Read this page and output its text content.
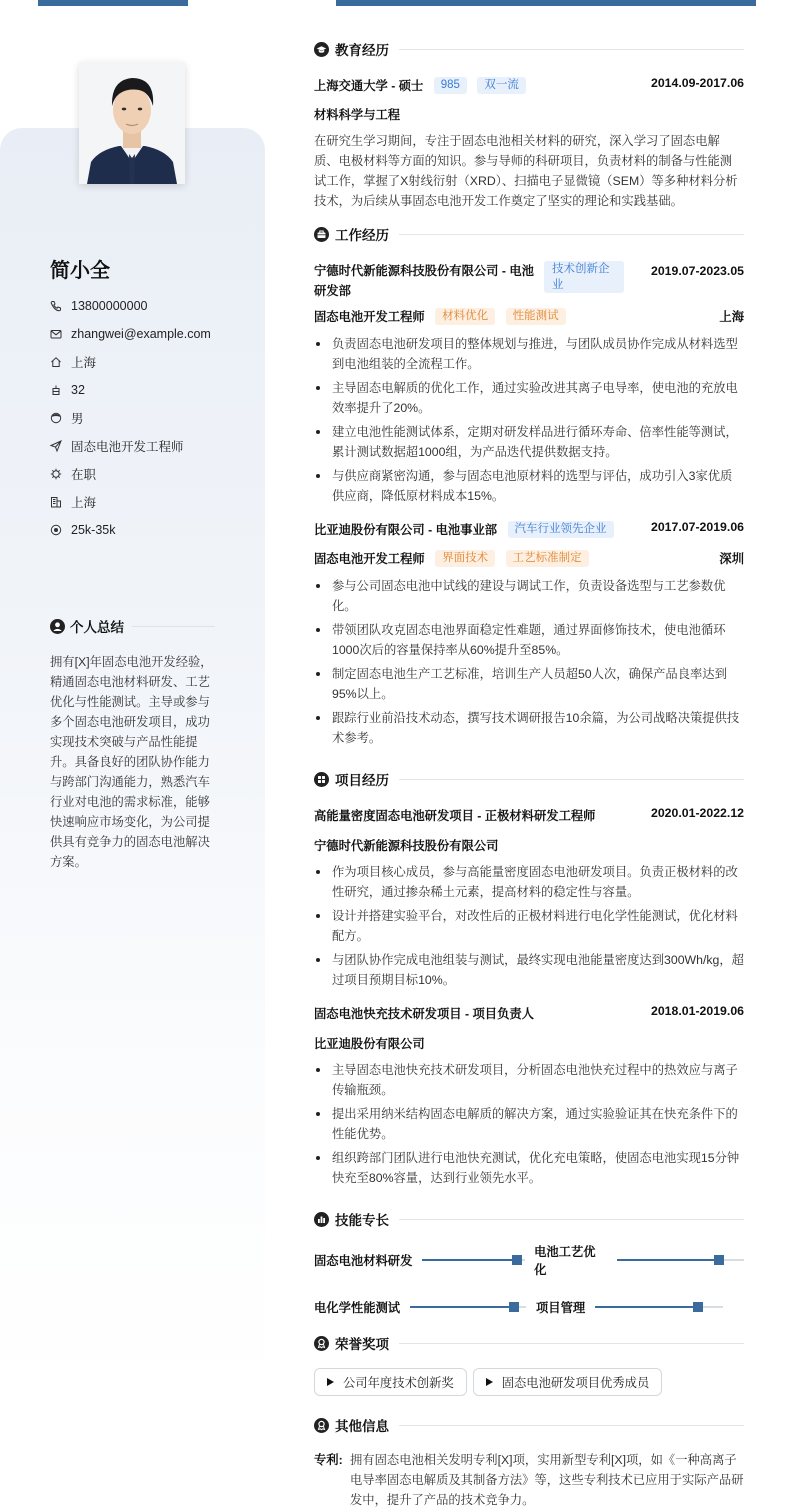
简小全
13800000000
zhangwei@example.com
上海
32
男
固态电池开发工程师
在职
上海
25k-35k
个人总结
拥有[X]年固态电池开发经验，精通固态电池材料研发、工艺优化与性能测试。主导或参与多个固态电池研发项目，成功实现技术突破与产品性能提升。具备良好的团队协作能力与跨部门沟通能力，熟悉汽车行业对电池的需求标准，能够快速响应市场变化，为公司提供具有竞争力的固态电池解决方案。
教育经历
上海交通大学 - 硕士 985 双一流	2014.09-2017.06
材料科学与工程
在研究生学习期间，专注于固态电池相关材料的研究，深入学习了固态电解质、电极材料等方面的知识。参与导师的科研项目，负责材料的制备与性能测试工作，掌握了X射线衍射（XRD）、扫描电子显微镜（SEM）等多种材料分析技术，为后续从事固态电池开发工作奠定了坚实的理论和实践基础。
工作经历
宁德时代新能源科技股份有限公司 - 电池研发部
技术创新企业
2019.07-2023.05
固态电池开发工程师 材料优化 性能测试	上海
负责固态电池研发项目的整体规划与推进，与团队成员协作完成从材料选型到电池组装的全流程工作。
主导固态电解质的优化工作，通过实验改进其离子电导率，使电池的充放电效率提升了20%。
建立电池性能测试体系，定期对研发样品进行循环寿命、倍率性能等测试，累计测试数据超1000组，为产品迭代提供数据支持。
与供应商紧密沟通，参与固态电池原材料的选型与评估，成功引入3家优质供应商，降低原材料成本15%。
比亚迪股份有限公司 - 电池事业部 汽车行业领先企业	2017.07-2019.06
固态电池开发工程师 界面技术 工艺标准制定	深圳
参与公司固态电池中试线的建设与调试工作，负责设备选型与工艺参数优化。
带领团队攻克固态电池界面稳定性难题，通过界面修饰技术，使电池循环1000次后的容量保持率从60%提升至85%。
制定固态电池生产工艺标准，培训生产人员超50人次，确保产品良率达到95%以上。
跟踪行业前沿技术动态，撰写技术调研报告10余篇，为公司战略决策提供技术参考。
项目经历
高能量密度固态电池研发项目 - 正极材料研发工程师	2020.01-2022.12
宁德时代新能源科技股份有限公司
作为项目核心成员，参与高能量密度固态电池研发项目。负责正极材料的改性研究，通过掺杂稀土元素，提高材料的稳定性与容量。
设计并搭建实验平台，对改性后的正极材料进行电化学性能测试，优化材料配方。
与团队协作完成电池组装与测试，最终实现电池能量密度达到300Wh/kg，超过项目预期目标10%。
固态电池快充技术研发项目 - 项目负责人	2018.01-2019.06
比亚迪股份有限公司
主导固态电池快充技术研发项目，分析固态电池快充过程中的热效应与离子传输瓶颈。
提出采用纳米结构固态电解质的解决方案，通过实验验证其在快充条件下的性能优势。
组织跨部门团队进行电池快充测试，优化充电策略，使固态电池实现15分钟快充至80%容量，达到行业领先水平。
技能专长
固态电池材料研发
电池工艺优化
电化学性能测试	项目管理
荣誉奖项
公司年度技术创新奖	固态电池研发项目优秀成员
其他信息
专利: 拥有固态电池相关发明专利[X]项，实用新型专利[X]项，如《一种高离子电导率固态电解质及其制备方法》等，这些专利技术已应用于实际产品研发中，提升了产品的技术竞争力。
